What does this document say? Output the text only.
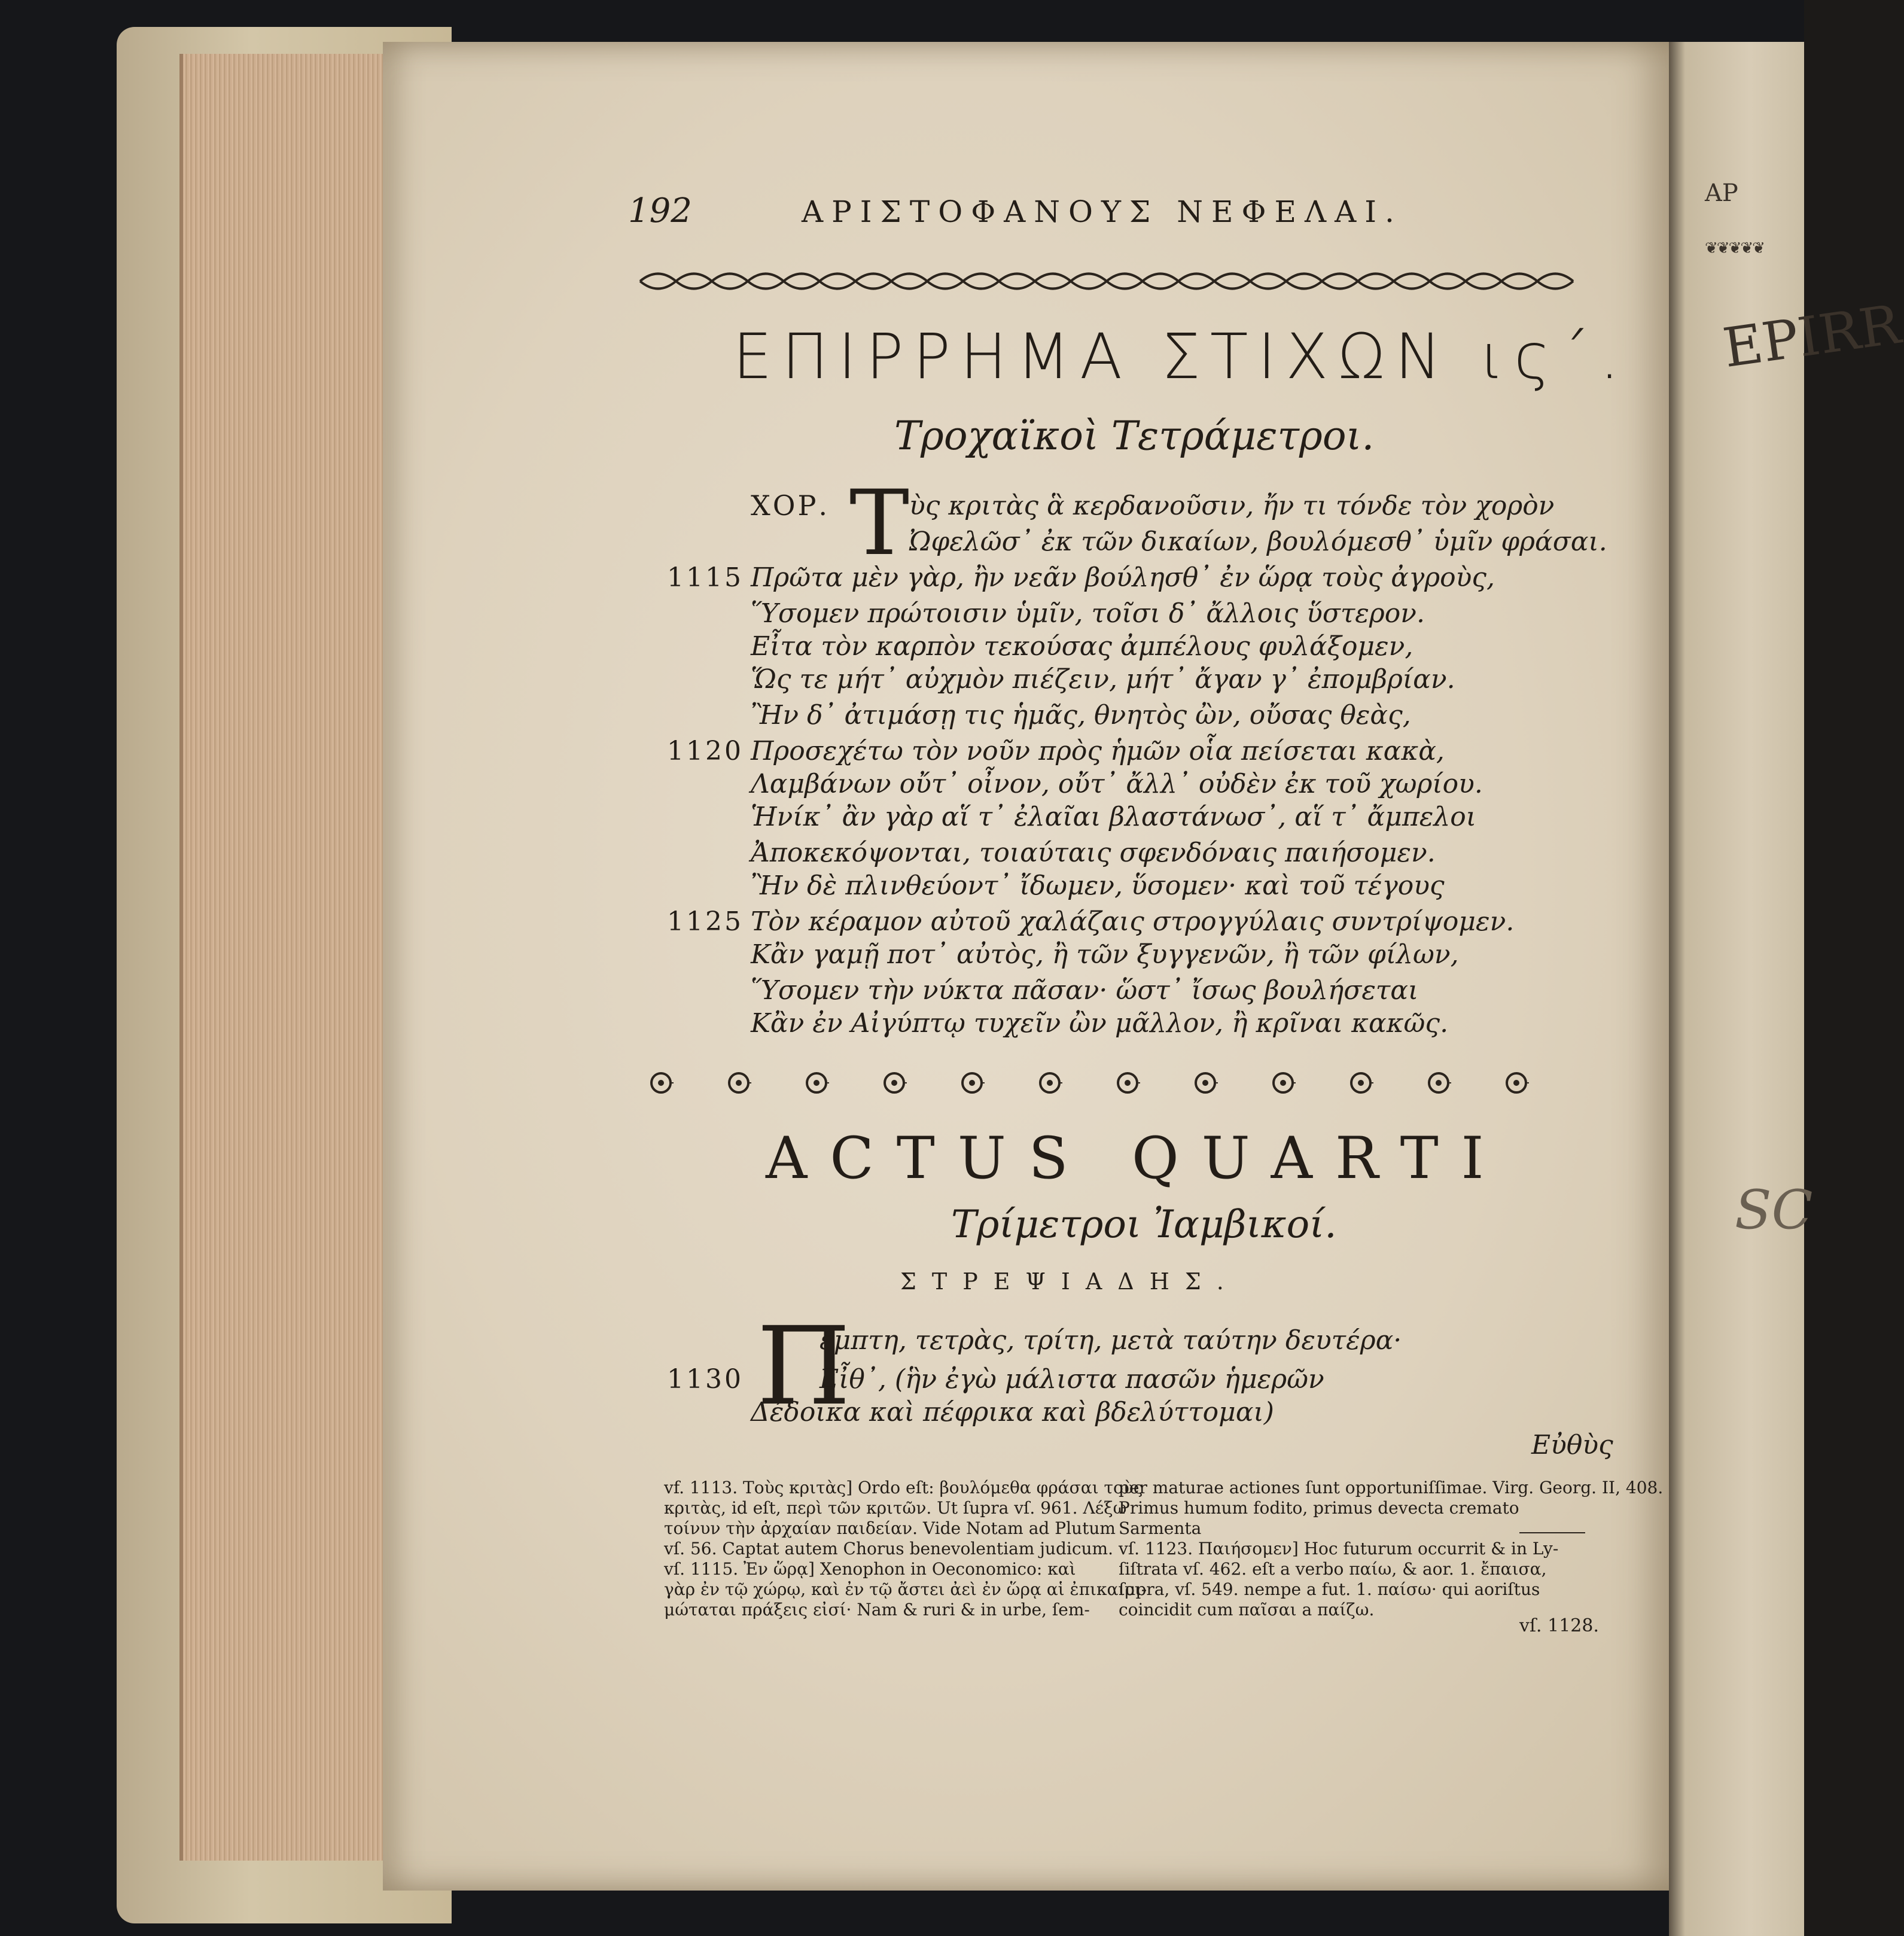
ΑΡ
❦❦❦❦❦
EPIRR
SC
192	ΑΡΙΣΤΟΦΑΝΟΥΣ ΝΕΦΕΛΑΙ.
ΕΠΙΡΡΗΜΑ ΣΤΙΧΩΝ ις΄.
Τροχαϊκοὶ Τετράμετροι.
ΧΟΡ. Τ ὺς κριτὰς ἃ κερδανοῦσιν, ἤν τι τόνδε τὸν χορὸν
Ὠφελῶσ᾽ ἐκ τῶν δικαίων, βουλόμεσθ᾽ ὑμῖν φράσαι.
1115 Πρῶτα μὲν γὰρ, ἢν νεᾶν βούλησθ᾽ ἐν ὥρᾳ τοὺς ἀγροὺς,
Ὕσομεν πρώτοισιν ὑμῖν, τοῖσι δ᾽ ἄλλοις ὕστερον.
Εἶτα τὸν καρπὸν τεκούσας ἀμπέλους φυλάξομεν,
Ὥς τε μήτ᾽ αὐχμὸν πιέζειν, μήτ᾽ ἄγαν γ᾽ ἐπομβρίαν.
Ἢν δ᾽ ἀτιμάσῃ τις ἡμᾶς, θνητὸς ὢν, οὔσας θεὰς,
1120 Προσεχέτω τὸν νοῦν πρὸς ἡμῶν οἷα πείσεται κακὰ,
Λαμβάνων οὔτ᾽ οἶνον, οὔτ᾽ ἄλλ᾽ οὐδὲν ἐκ τοῦ χωρίου.
Ἡνίκ᾽ ἂν γὰρ αἵ τ᾽ ἐλαῖαι βλαστάνωσ᾽, αἵ τ᾽ ἄμπελοι
Ἀποκεκόψονται, τοιαύταις σφενδόναις παιήσομεν.
Ἢν δὲ πλινθεύοντ᾽ ἴδωμεν, ὕσομεν· καὶ τοῦ τέγους
1125 Τὸν κέραμον αὐτοῦ χαλάζαις στρογγύλαις συντρίψομεν.
Κἂν γαμῇ ποτ᾽ αὐτὸς, ἢ τῶν ξυγγενῶν, ἢ τῶν φίλων,
Ὕσομεν τὴν νύκτα πᾶσαν· ὥστ᾽ ἴσως βουλήσεται
Κἂν ἐν Αἰγύπτῳ τυχεῖν ὢν μᾶλλον, ἢ κρῖναι κακῶς.
ACTUS QUARTI
Τρίμετροι Ἰαμβικοί.
ΣΤΡΕΨΙΑΔΗΣ.
Π
έμπτη, τετρὰς, τρίτη, μετὰ ταύτην δευτέρα·
1130	Εἶθ᾽, (ἣν ἐγὼ μάλιστα πασῶν ἡμερῶν
Δέδοικα καὶ πέφρικα καὶ βδελύττομαι)
Εὐθὺς
vf. 1113. Τοὺς κριτὰς] Ordo eſt: βουλόμεθα φράσαι τοὺς
κριτὰς, id eſt, περὶ τῶν κριτῶν. Ut ſupra vſ. 961. Λέξω
τοίνυν τὴν ἀρχαίαν παιδείαν. Vide Notam ad Plutum
vſ. 56. Captat autem Chorus benevolentiam judicum.
vſ. 1115. Ἐν ὥρᾳ] Xenophon in Oeconomico: καὶ
γὰρ ἐν τῷ χώρῳ, καὶ ἐν τῷ ἄστει ἀεὶ ἐν ὥρᾳ αἱ ἐπικαιρι-
μώταται πράξεις εἰσί· Nam & ruri & in urbe, ſem-
per maturae actiones ſunt opportuniſſimae. Virg. Georg. II, 408.
Primus humum fodito, primus devecta cremato
Sarmenta
vſ. 1123. Παιήσομεν] Hoc futurum occurrit & in Ly-
ſiſtrata vſ. 462. eſt a verbo παίω, & aor. 1. ἔπαισα,
ſupra, vſ. 549. nempe a fut. 1. παίσω· qui aoriſtus
coincidit cum παῖσαι a παίζω.
vſ. 1128.
